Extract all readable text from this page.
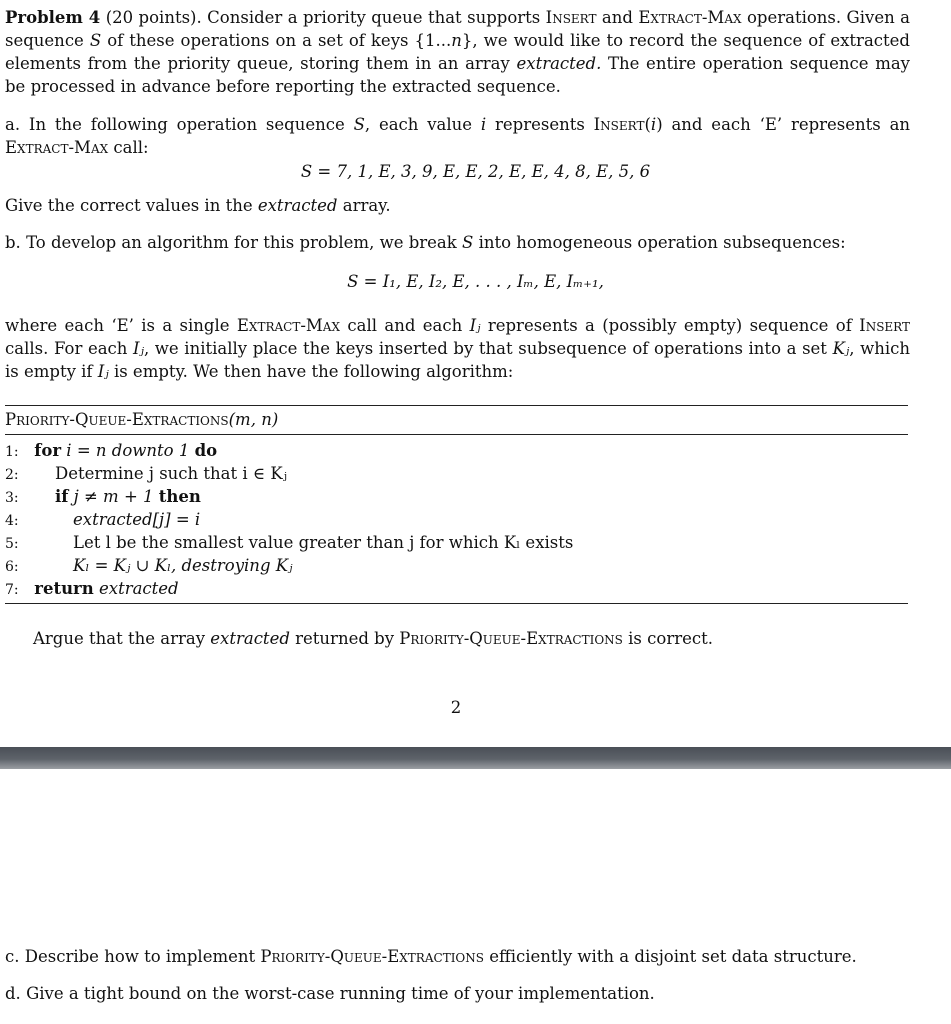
Problem 4 (20 points). Consider a priority queue that supports Insert and Extract-Max operations. Given a sequence S of these operations on a set of keys {1...n}, we would like to record the sequence of extracted elements from the priority queue, storing them in an array extracted. The entire operation sequence may be processed in advance before reporting the extracted sequence.
a. In the following operation sequence S, each value i represents Insert(i) and each ‘E’ represents an Extract-Max call:
S = 7, 1, E, 3, 9, E, E, 2, E, E, 4, 8, E, 5, 6
Give the correct values in the extracted array.
b. To develop an algorithm for this problem, we break S into homogeneous operation subsequences:
S = I₁, E, I₂, E, . . . , Iₘ, E, Iₘ₊₁,
where each ‘E’ is a single Extract-Max call and each Iⱼ represents a (possibly empty) sequence of Insert calls. For each Iⱼ, we initially place the keys inserted by that subsequence of operations into a set Kⱼ, which is empty if Iⱼ is empty. We then have the following algorithm:
Priority-Queue-Extractions(m, n)
1: for i = n downto 1 do
2: Determine j such that i ∈ Kⱼ
3: if j ≠ m + 1 then
4:	extracted[j] = i
5:	Let l be the smallest value greater than j for which Kₗ exists
6:	Kₗ = Kⱼ ∪ Kₗ, destroying Kⱼ
7: return extracted
Argue that the array extracted returned by Priority-Queue-Extractions is correct.
2
c. Describe how to implement Priority-Queue-Extractions efficiently with a disjoint set data structure.
d. Give a tight bound on the worst-case running time of your implementation.
